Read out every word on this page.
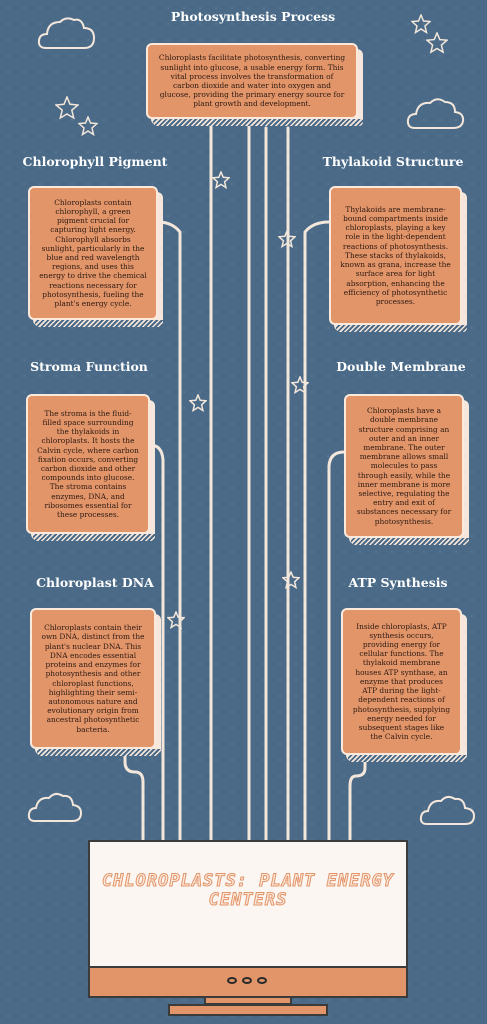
Photosynthesis Process
Chloroplasts facilitate photosynthesis, converting sunlight into glucose, a usable energy form. This vital process involves the transformation of carbon dioxide and water into oxygen and glucose, providing the primary energy source for plant growth and development.
Chlorophyll Pigment
Chloroplasts contain chlorophyll, a green pigment crucial for capturing light energy. Chlorophyll absorbs sunlight, particularly in the blue and red wavelength regions, and uses this energy to drive the chemical reactions necessary for photosynthesis, fueling the plant's energy cycle.
Thylakoid Structure
Thylakoids are membrane-bound compartments inside chloroplasts, playing a key role in the light-dependent reactions of photosynthesis. These stacks of thylakoids, known as grana, increase the surface area for light absorption, enhancing the efficiency of photosynthetic processes.
Stroma Function
The stroma is the fluid-filled space surrounding the thylakoids in chloroplasts. It hosts the Calvin cycle, where carbon fixation occurs, converting carbon dioxide and other compounds into glucose. The stroma contains enzymes, DNA, and ribosomes essential for these processes.
Double Membrane
Chloroplasts have a double membrane structure comprising an outer and an inner membrane. The outer membrane allows small molecules to pass through easily, while the inner membrane is more selective, regulating the entry and exit of substances necessary for photosynthesis.
Chloroplast DNA
Chloroplasts contain their own DNA, distinct from the plant's nuclear DNA. This DNA encodes essential proteins and enzymes for photosynthesis and other chloroplast functions, highlighting their semi-autonomous nature and evolutionary origin from ancestral photosynthetic bacteria.
ATP Synthesis
Inside chloroplasts, ATP synthesis occurs, providing energy for cellular functions. The thylakoid membrane houses ATP synthase, an enzyme that produces ATP during the light-dependent reactions of photosynthesis, supplying energy needed for subsequent stages like the Calvin cycle.
CHLOROPLASTS: PLANT ENERGY CENTERS
